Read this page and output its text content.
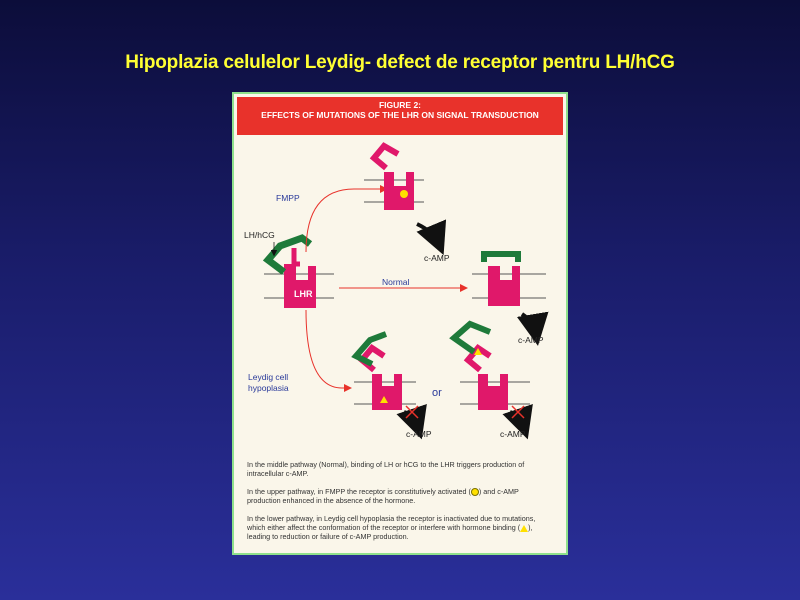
Hipoplazia celulelor Leydig- defect de receptor pentru LH/hCG
FIGURE 2:
EFFECTS OF MUTATIONS OF THE LHR ON SIGNAL TRANSDUCTION
LHR
LH/hCG
FMPP
c-AMP
Normal
c-AMP
Leydig cell
hypoplasia
c-AMP
or
c-AMP

In the middle pathway (Normal), binding of LH or hCG to the LHR triggers production of intracellular c-AMP.

In the upper pathway, in FMPP the receptor is constitutively activated ( ) and c-AMP production enhanced in the absence of the hormone.

In the lower pathway, in Leydig cell hypoplasia the receptor is inactivated due to mutations, which either affect the conformation of the receptor or interfere with hormone binding ( ), leading to reduction or failure of c-AMP production.
